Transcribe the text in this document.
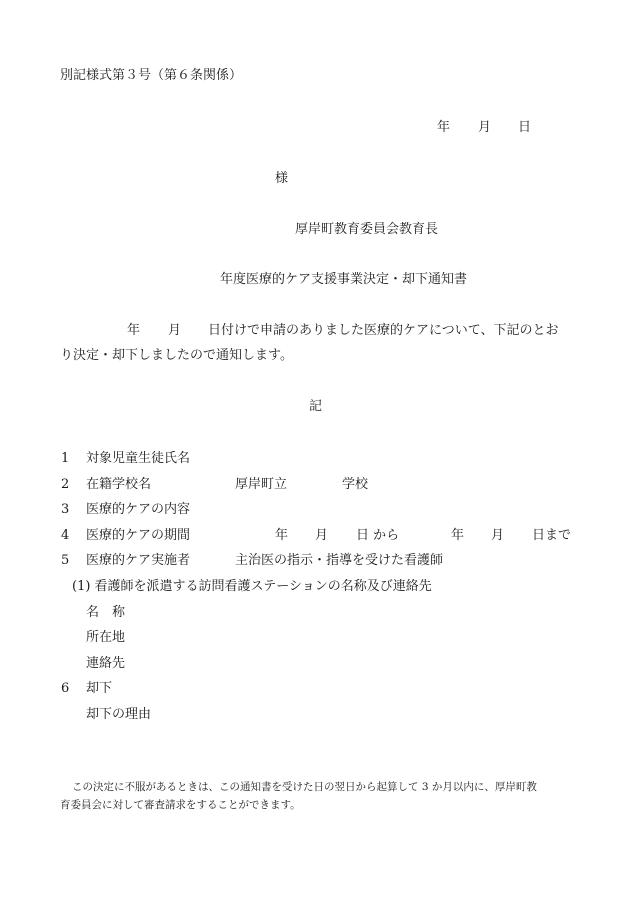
別記様式第３号（第６条関係）
年 月 日
様
厚岸町教育委員会教育長
年度医療的ケア支援事業決定・却下通知書
年 月 日付けで申請のありました医療的ケアについて、下記のとお
り決定・却下しましたので通知します。
記
1 対象児童生徒氏名
2 在籍学校名	厚岸町立	学校
3 医療的ケアの内容
4 医療的ケアの期間	年 月 日 から	年 月 日まで
5 医療的ケア実施者	主治医の指示・指導を受けた看護師
(1) 看護師を派遣する訪問看護ステーションの名称及び連絡先
名　称
所在地
連絡先
6 却下
却下の理由
この決定に不服があるときは、この通知書を受けた日の翌日から起算して 3 か月以内に、厚岸町教
育委員会に対して審査請求をすることができます。
